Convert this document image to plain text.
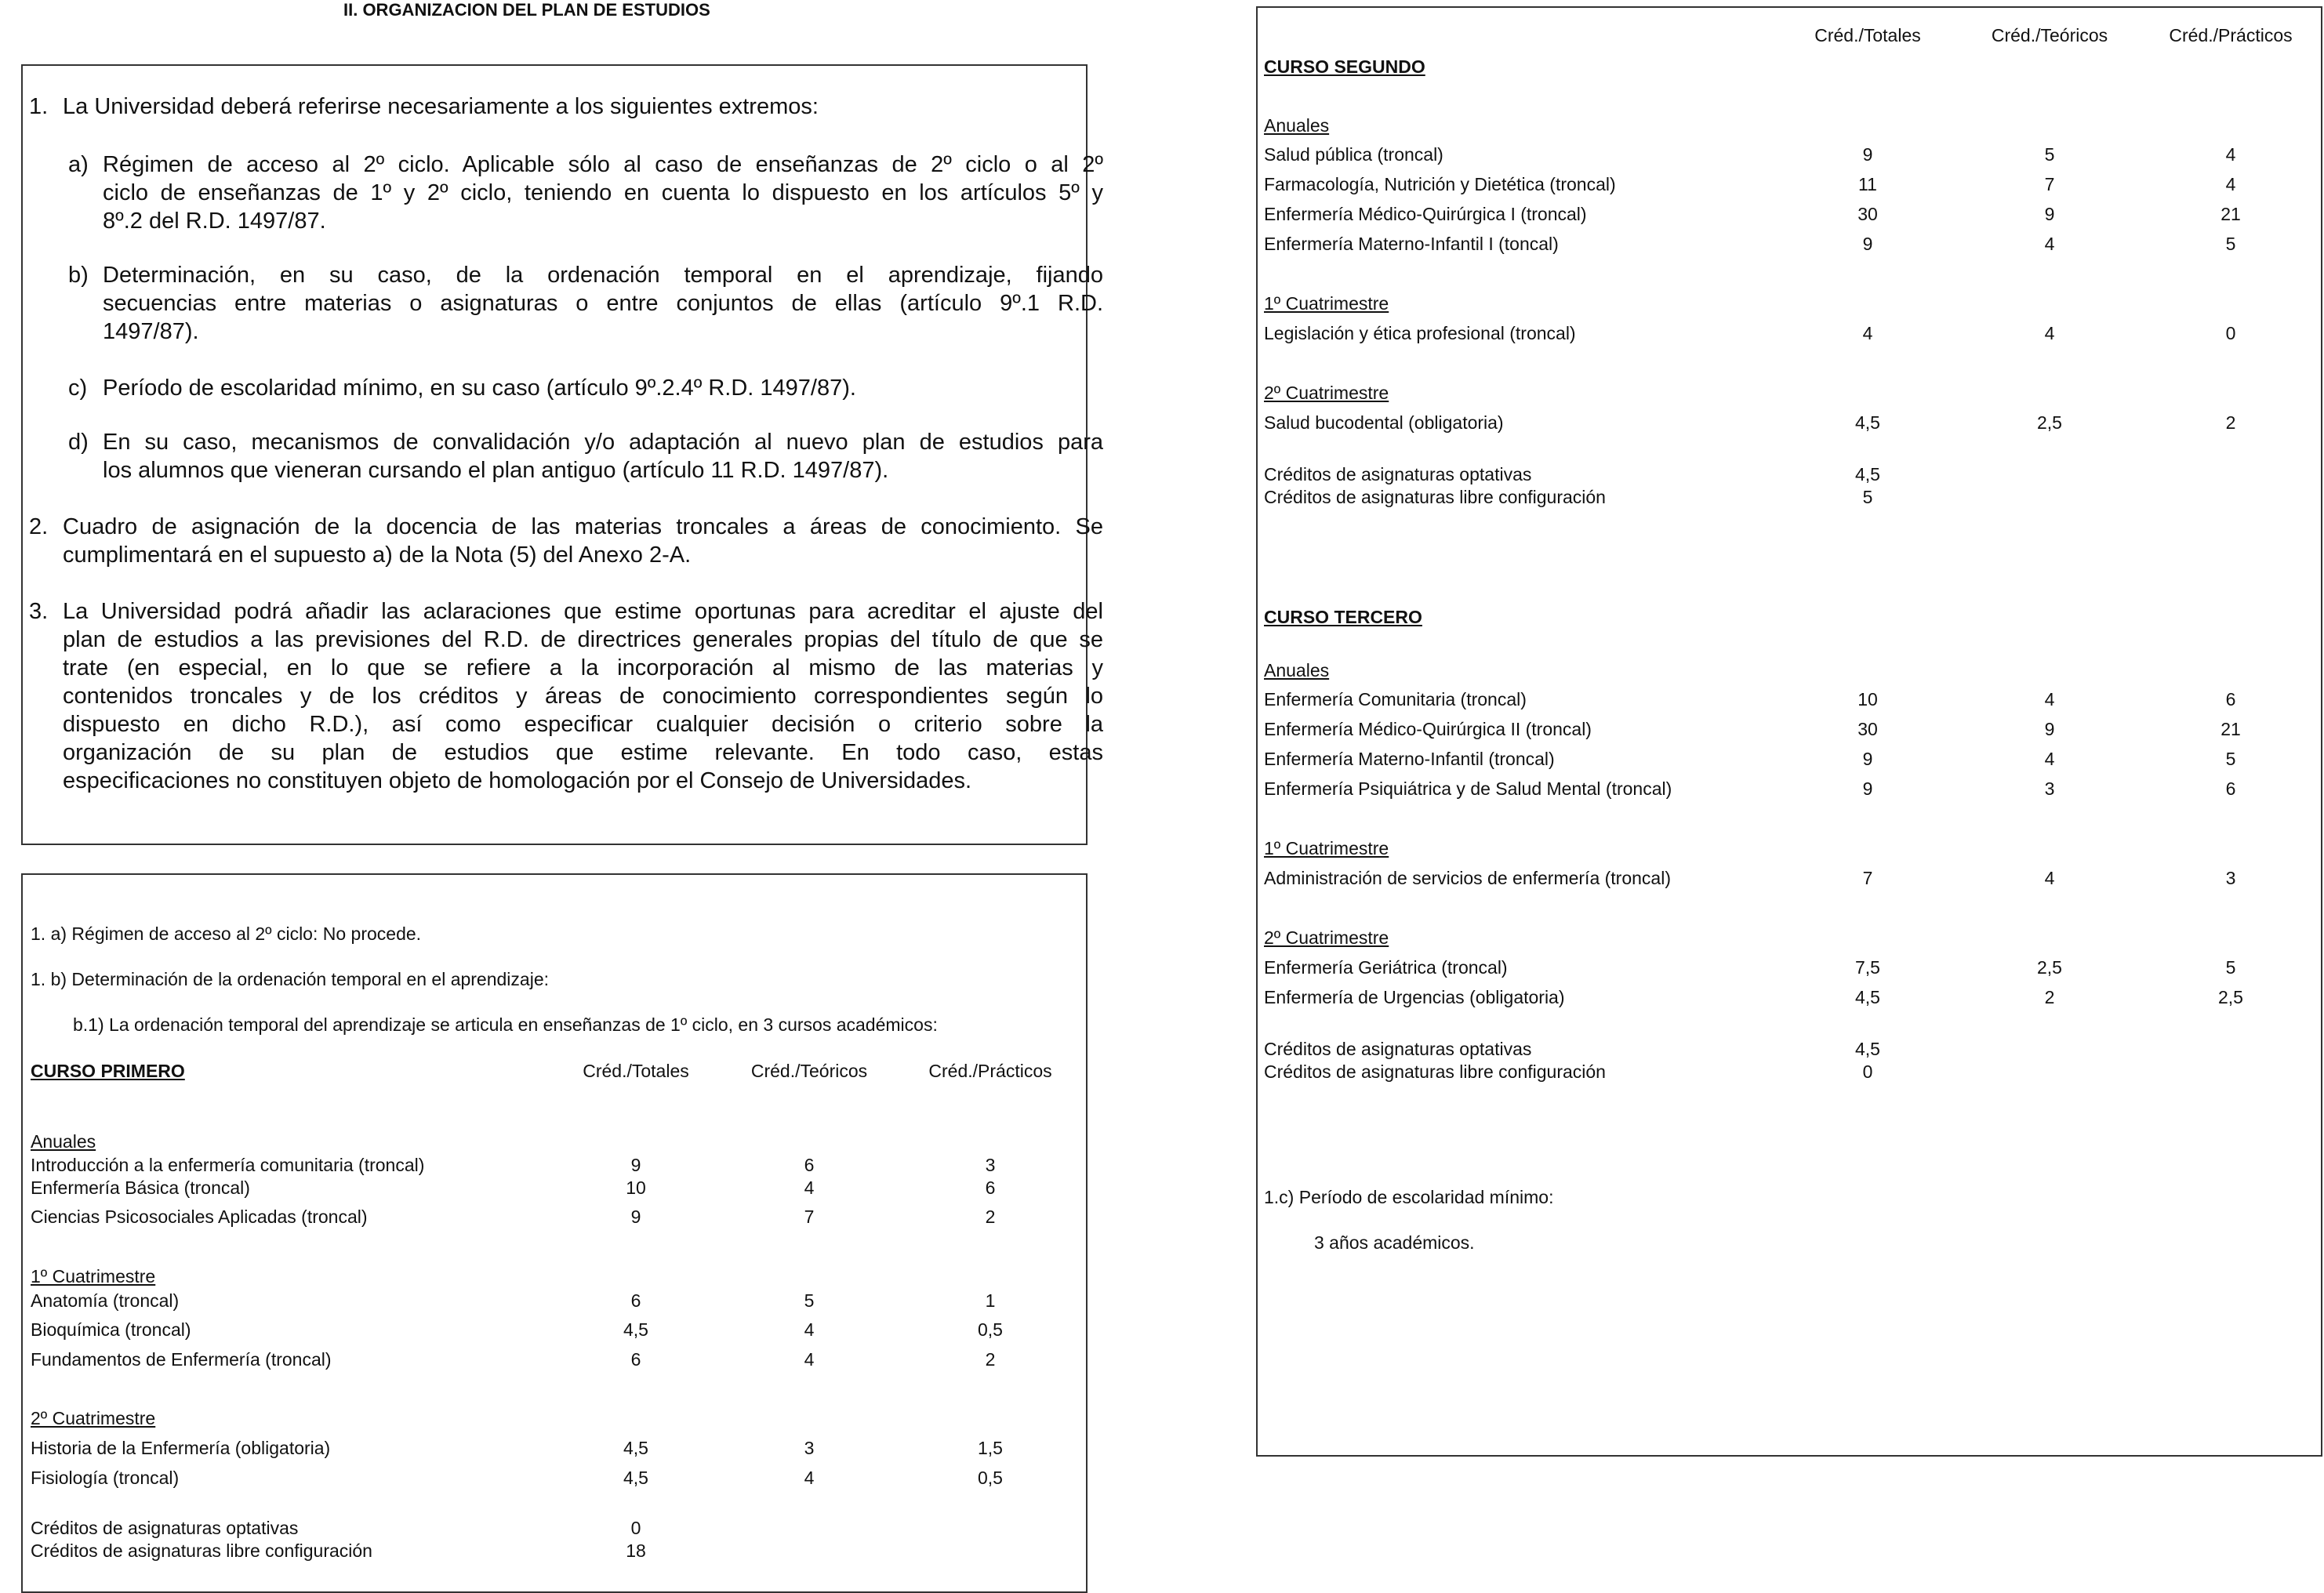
II. ORGANIZACION DEL PLAN DE ESTUDIOS
1. La Universidad deberá referirse necesariamente a los siguientes extremos:
a) Régimen de acceso al 2º ciclo. Aplicable sólo al caso de enseñanzas de 2º ciclo o al 2º
ciclo de enseñanzas de 1º y 2º ciclo, teniendo en cuenta lo dispuesto en los artículos 5º y
8º.2 del R.D. 1497/87.
b) Determinación, en su caso, de la ordenación temporal en el aprendizaje, fijando
secuencias entre materias o asignaturas o entre conjuntos de ellas (artículo 9º.1 R.D.
1497/87).
c) Período de escolaridad mínimo, en su caso (artículo 9º.2.4º R.D. 1497/87).
d) En su caso, mecanismos de convalidación y/o adaptación al nuevo plan de estudios para
los alumnos que vieneran cursando el plan antiguo (artículo 11 R.D. 1497/87).
2. Cuadro de asignación de la docencia de las materias troncales a áreas de conocimiento. Se
cumplimentará en el supuesto a) de la Nota (5) del Anexo 2-A.
3. La Universidad podrá añadir las aclaraciones que estime oportunas para acreditar el ajuste del
plan de estudios a las previsiones del R.D. de directrices generales propias del título de que se
trate (en especial, en lo que se refiere a la incorporación al mismo de las materias y
contenidos troncales y de los créditos y áreas de conocimiento correspondientes según lo
dispuesto en dicho R.D.), así como especificar cualquier decisión o criterio sobre la
organización de su plan de estudios que estime relevante. En todo caso, estas
especificaciones no constituyen objeto de homologación por el Consejo de Universidades.
1. a) Régimen de acceso al 2º ciclo: No procede.
1. b) Determinación de la ordenación temporal en el aprendizaje:
b.1) La ordenación temporal del aprendizaje se articula en enseñanzas de 1º ciclo, en 3 cursos académicos:
CURSO PRIMERO	Créd./Totales	Créd./Teóricos	Créd./Prácticos
Anuales
Introducción a la enfermería comunitaria (troncal)	9	6	3
Enfermería Básica (troncal)	10	4	6
Ciencias Psicosociales Aplicadas (troncal)	9	7	2
1º Cuatrimestre
Anatomía (troncal)	6	5	1
Bioquímica (troncal)	4,5	4	0,5
Fundamentos de Enfermería (troncal)	6	4	2
2º Cuatrimestre
Historia de la Enfermería (obligatoria)	4,5	3	1,5
Fisiología (troncal)	4,5	4	0,5
Créditos de asignaturas optativas	0
Créditos de asignaturas libre configuración	18
Créd./Totales	Créd./Teóricos	Créd./Prácticos
CURSO SEGUNDO
Anuales
Salud pública (troncal)	9	5	4
Farmacología, Nutrición y Dietética (troncal)	11	7	4
Enfermería Médico-Quirúrgica I (troncal)	30	9	21
Enfermería Materno-Infantil I (toncal)	9	4	5
1º Cuatrimestre
Legislación y ética profesional (troncal)	4	4	0
2º Cuatrimestre
Salud bucodental (obligatoria)	4,5	2,5	2
Créditos de asignaturas optativas	4,5
Créditos de asignaturas libre configuración	5
CURSO TERCERO
Anuales
Enfermería Comunitaria (troncal)	10	4	6
Enfermería Médico-Quirúrgica II (troncal)	30	9	21
Enfermería Materno-Infantil (troncal)	9	4	5
Enfermería Psiquiátrica y de Salud Mental (troncal)	9	3	6
1º Cuatrimestre
Administración de servicios de enfermería (troncal)	7	4	3
2º Cuatrimestre
Enfermería Geriátrica (troncal)	7,5	2,5	5
Enfermería de Urgencias (obligatoria)	4,5	2	2,5
Créditos de asignaturas optativas	4,5
Créditos de asignaturas libre configuración	0
1.c) Período de escolaridad mínimo:
3 años académicos.
